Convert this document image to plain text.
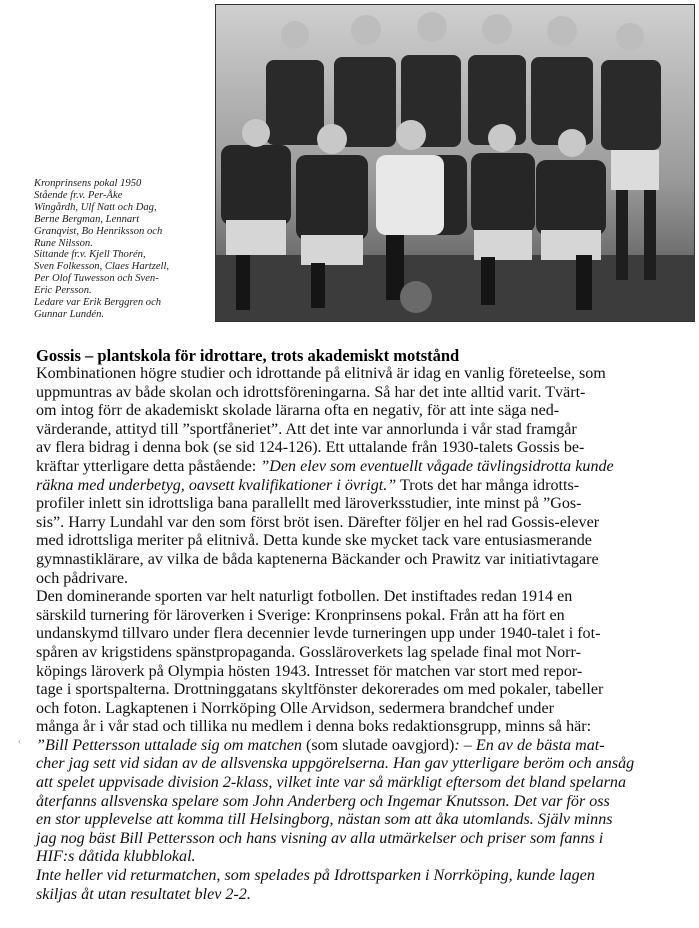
Kronprinsens pokal 1950
Stående fr.v. Per-Åke
Wingårdh, Ulf Natt och Dag,
Berne Bergman, Lennart
Granqvist, Bo Henriksson och
Rune Nilsson.
Sittande fr.v. Kjell Thorén,
Sven Folkesson, Claes Hartzell,
Per Olof Tuwesson och Sven-
Eric Persson.
Ledare var Erik Berggren och
Gunnar Lundén.
Gossis – plantskola för idrottare, trots akademiskt motstånd
Kombinationen högre studier och idrottande på elitnivå är idag en vanlig företeelse, som
uppmuntras av både skolan och idrottsföreningarna. Så har det inte alltid varit. Tvärt-
om intog förr de akademiskt skolade lärarna ofta en negativ, för att inte säga ned-
värderande, attityd till ”sportfåneriet”. Att det inte var annorlunda i vår stad framgår
av flera bidrag i denna bok (se sid 124-126). Ett uttalande från 1930-talets Gossis be-
kräftar ytterligare detta påstående: ”Den elev som eventuellt vågade tävlingsidrotta kunde
räkna med underbetyg, oavsett kvalifikationer i övrigt.” Trots det har många idrotts-
profiler inlett sin idrottsliga bana parallellt med läroverksstudier, inte minst på ”Gos-
sis”. Harry Lundahl var den som först bröt isen. Därefter följer en hel rad Gossis-elever
med idrottsliga meriter på elitnivå. Detta kunde ske mycket tack vare entusiasmerande
gymnastiklärare, av vilka de båda kaptenerna Bäckander och Prawitz var initiativtagare
och pådrivare.
Den dominerande sporten var helt naturligt fotbollen. Det instiftades redan 1914 en
särskild turnering för läroverken i Sverige: Kronprinsens pokal. Från att ha fört en
undanskymd tillvaro under flera decennier levde turneringen upp under 1940-talet i fot-
spåren av krigstidens spänstpropaganda. Gossläroverkets lag spelade final mot Norr-
köpings läroverk på Olympia hösten 1943. Intresset för matchen var stort med repor-
tage i sportspalterna. Drottninggatans skyltfönster dekorerades om med pokaler, tabeller
och foton. Lagkaptenen i Norrköping Olle Arvidson, sedermera brandchef under
många år i vår stad och tillika nu medlem i denna boks redaktionsgrupp, minns så här:
”Bill Pettersson uttalade sig om matchen (som slutade oavgjord): – En av de bästa mat-
cher jag sett vid sidan av de allsvenska uppgörelserna. Han gav ytterligare beröm och ansåg
att spelet uppvisade division 2-klass, vilket inte var så märkligt eftersom det bland spelarna
återfanns allsvenska spelare som John Anderberg och Ingemar Knutsson. Det var för oss
en stor upplevelse att komma till Helsingborg, nästan som att åka utomlands. Själv minns
jag nog bäst Bill Pettersson och hans visning av alla utmärkelser och priser som fanns i
HIF:s dåtida klubblokal.
Inte heller vid returmatchen, som spelades på Idrottsparken i Norrköping, kunde lagen
skiljas åt utan resultatet blev 2-2.
‹
